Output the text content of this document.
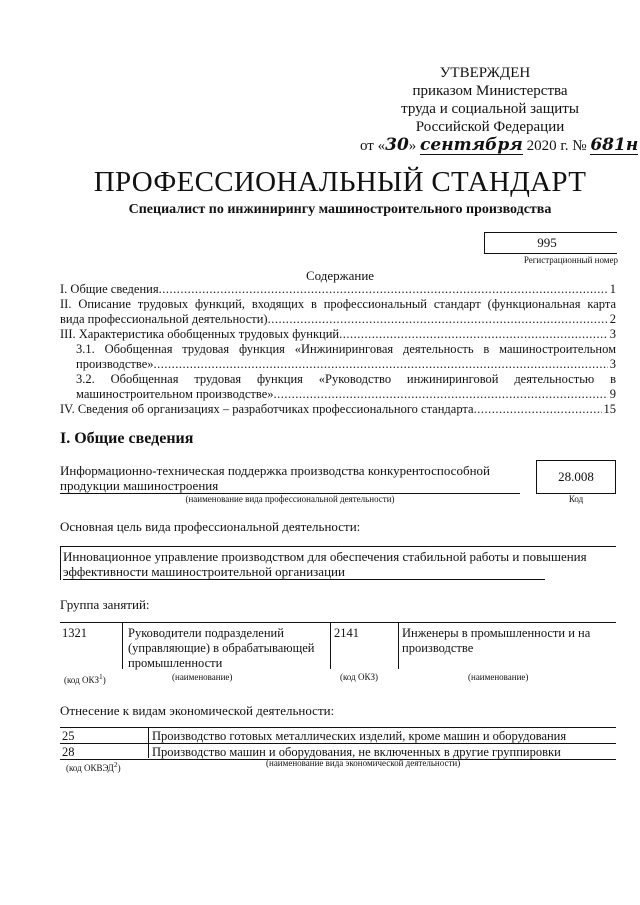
УТВЕРЖДЕН
приказом Министерства
труда и социальной защиты
Российской Федерации
от «30» сентября 2020 г. № 681н
ПРОФЕССИОНАЛЬНЫЙ СТАНДАРТ
Специалист по инжинирингу машиностроительного производства
995
Регистрационный номер
Содержание
I. Общие сведения .....	1
II. Описание трудовых функций, входящих в профессиональный стандарт (функциональная карта
вида профессиональной деятельности) .....	2
III. Характеристика обобщенных трудовых функций .....	3
3.1. Обобщенная трудовая функция «Инжиниринговая деятельность в машиностроительном
производстве» .....	3
3.2. Обобщенная трудовая функция «Руководство инжиниринговой деятельностью в
машиностроительном производстве» .....	9
IV. Сведения об организациях – разработчиках профессионального стандарта .....	15
I. Общие сведения
Информационно-техническая поддержка производства конкурентоспособной продукции машиностроения
(наименование вида профессиональной деятельности)
28.008
Код
Основная цель вида профессиональной деятельности:
Инновационное управление производством для обеспечения стабильной работы и повышения
эффективности машиностроительной организации
Группа занятий:
1321	Руководители подразделений (управляющие) в обрабатывающей промышленности
2141	Инженеры в промышленности и на производстве
(код ОКЗ$^1$)	(наименование)	(код ОКЗ)	(наименование)
Отнесение к видам экономической деятельности:
25	Производство готовых металлических изделий, кроме машин и оборудования
28	Производство машин и оборудования, не включенных в другие группировки
(код ОКВЭД$^2$)	(наименование вида экономической деятельности)
